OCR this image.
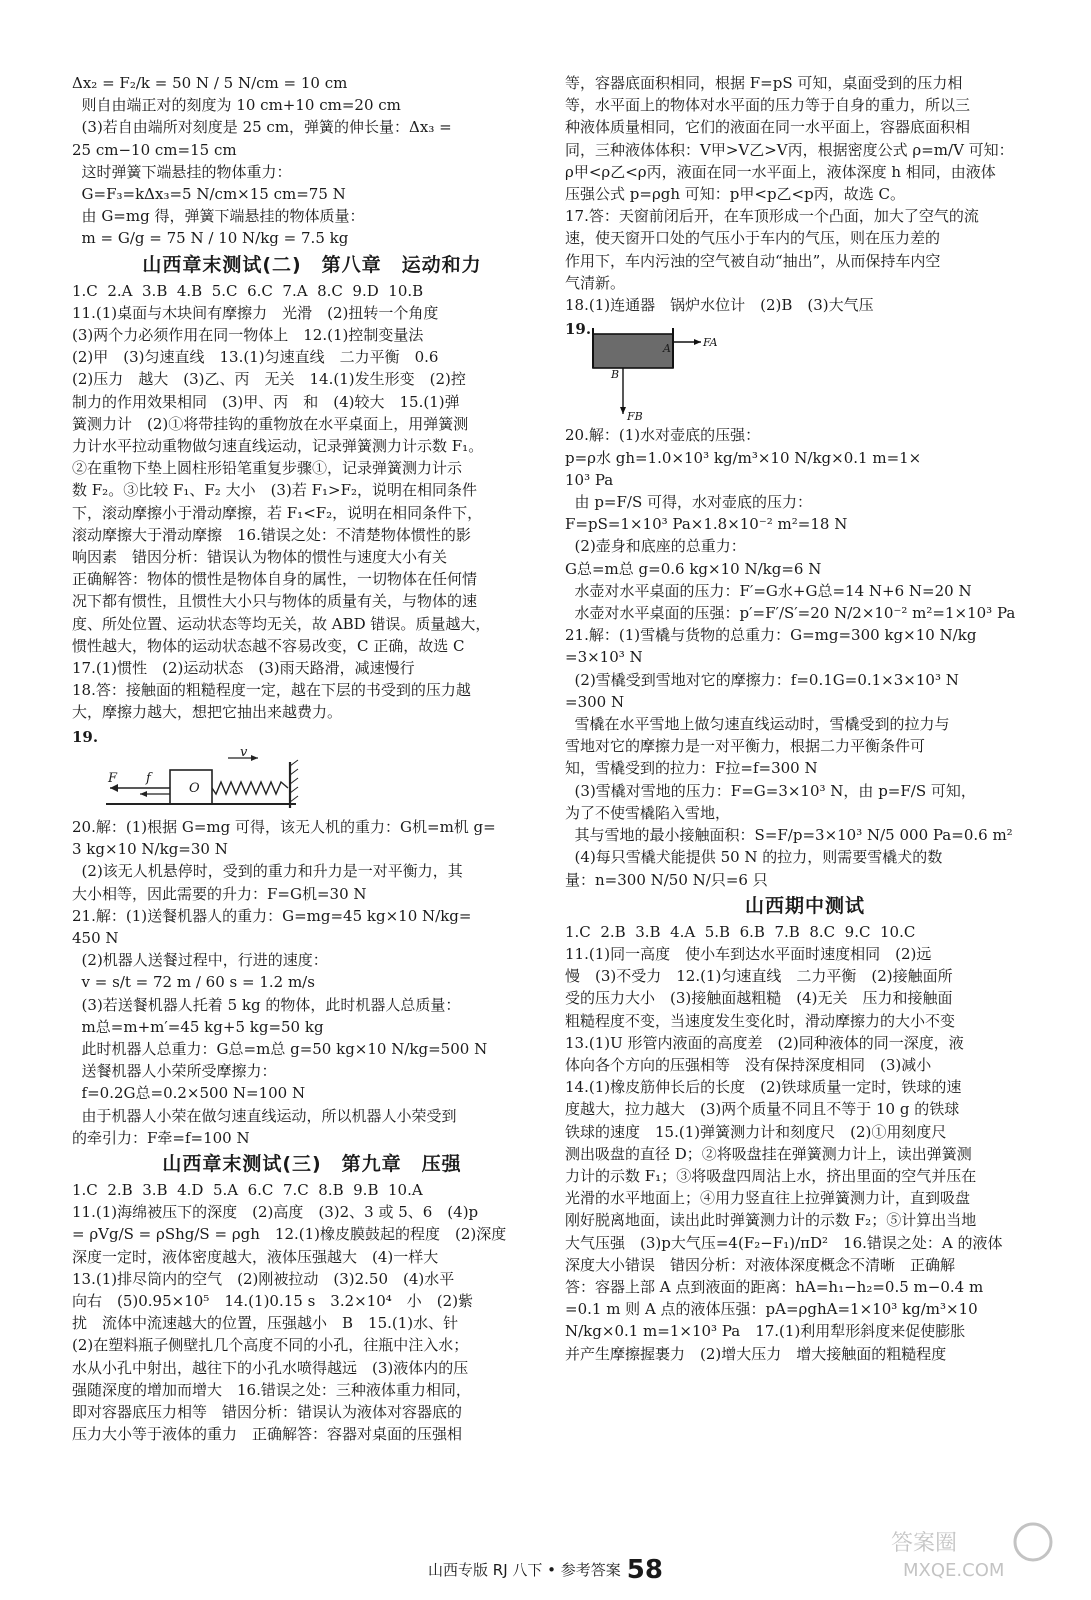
Δx₂ = F₂/k = 50 N / 5 N/cm = 10 cm
则自由端正对的刻度为 10 cm+10 cm=20 cm
(3)若自由端所对刻度是 25 cm，弹簧的伸长量：Δx₃ =
25 cm−10 cm=15 cm
这时弹簧下端悬挂的物体重力：
G=F₃=kΔx₃=5 N/cm×15 cm=75 N
由 G=mg 得，弹簧下端悬挂的物体质量：
m = G/g = 75 N / 10 N/kg = 7.5 kg
山西章末测试(二)　第八章　运动和力
1.C  2.A  3.B  4.B  5.C  6.C  7.A  8.C  9.D  10.B
11.(1)桌面与木块间有摩擦力　光滑　(2)扭转一个角度
(3)两个力必须作用在同一物体上　12.(1)控制变量法
(2)甲　(3)匀速直线　13.(1)匀速直线　二力平衡　0.6
(2)压力　越大　(3)乙、丙　无关　14.(1)发生形变　(2)控
制力的作用效果相同　(3)甲、丙　和　(4)较大　15.(1)弹
簧测力计　(2)①将带挂钩的重物放在水平桌面上，用弹簧测
力计水平拉动重物做匀速直线运动，记录弹簧测力计示数 F₁。
②在重物下垫上圆柱形铅笔重复步骤①，记录弹簧测力计示
数 F₂。③比较 F₁、F₂ 大小　(3)若 F₁>F₂，说明在相同条件
下，滚动摩擦小于滑动摩擦，若 F₁<F₂，说明在相同条件下，
滚动摩擦大于滑动摩擦　16.错误之处：不清楚物体惯性的影
响因素　错因分析：错误认为物体的惯性与速度大小有关
正确解答：物体的惯性是物体自身的属性，一切物体在任何情
况下都有惯性，且惯性大小只与物体的质量有关，与物体的速
度、所处位置、运动状态等均无关，故 ABD 错误。质量越大，
惯性越大，物体的运动状态越不容易改变，C 正确，故选 C
17.(1)惯性　(2)运动状态　(3)雨天路滑，减速慢行
18.答：接触面的粗糙程度一定，越在下层的书受到的压力越
大，摩擦力越大，想把它抽出来越费力。
19.
v
F f
O
20.解：(1)根据 G=mg 可得，该无人机的重力：G机=m机 g=
3 kg×10 N/kg=30 N
(2)该无人机悬停时，受到的重力和升力是一对平衡力，其
大小相等，因此需要的升力：F=G机=30 N
21.解：(1)送餐机器人的重力：G=mg=45 kg×10 N/kg=
450 N
(2)机器人送餐过程中，行进的速度：
v = s/t = 72 m / 60 s = 1.2 m/s
(3)若送餐机器人托着 5 kg 的物体，此时机器人总质量：
m总=m+m′=45 kg+5 kg=50 kg
此时机器人总重力：G总=m总 g=50 kg×10 N/kg=500 N
送餐机器人小荣所受摩擦力：
f=0.2G总=0.2×500 N=100 N
由于机器人小荣在做匀速直线运动，所以机器人小荣受到
的牵引力：F牵=f=100 N
山西章末测试(三)　第九章　压强
1.C  2.B  3.B  4.D  5.A  6.C  7.C  8.B  9.B  10.A
11.(1)海绵被压下的深度　(2)高度　(3)2、3 或 5、6　(4)p
= ρVg/S = ρShg/S = ρgh　12.(1)橡皮膜鼓起的程度　(2)深度
深度一定时，液体密度越大，液体压强越大　(4)一样大
13.(1)排尽筒内的空气　(2)刚被拉动　(3)2.50　(4)水平
向右　(5)0.95×10⁵　14.(1)0.15 s　3.2×10⁴　小　(2)紫
扰　流体中流速越大的位置，压强越小　B　15.(1)水、针
(2)在塑料瓶子侧壁扎几个高度不同的小孔，往瓶中注入水；
水从小孔中射出，越往下的小孔水喷得越远　(3)液体内的压
强随深度的增加而增大　16.错误之处：三种液体重力相同，
即对容器底压力相等　错因分析：错误认为液体对容器底的
压力大小等于液体的重力　正确解答：容器对桌面的压强相
等，容器底面积相同，根据 F=pS 可知，桌面受到的压力相
等，水平面上的物体对水平面的压力等于自身的重力，所以三
种液体质量相同，它们的液面在同一水平面上，容器底面积相
同，三种液体体积：V甲>V乙>V丙，根据密度公式 ρ=m/V 可知：
ρ甲<ρ乙<ρ丙，液面在同一水平面上，液体深度 h 相同，由液体
压强公式 p=ρgh 可知：p甲<p乙<p丙，故选 C。
17.答：天窗前闭后开，在车顶形成一个凸面，加大了空气的流
速，使天窗开口处的气压小于车内的气压，则在压力差的
作用下，车内污浊的空气被自动“抽出”，从而保持车内空
气清新。
18.(1)连通器　锅炉水位计　(2)B　(3)大气压
19.
FA
A
B
FB
20.解：(1)水对壶底的压强：
p=ρ水 gh=1.0×10³ kg/m³×10 N/kg×0.1 m=1×
10³ Pa
由 p=F/S 可得，水对壶底的压力：
F=pS=1×10³ Pa×1.8×10⁻² m²=18 N
(2)壶身和底座的总重力：
G总=m总 g=0.6 kg×10 N/kg=6 N
水壶对水平桌面的压力：F′=G水+G总=14 N+6 N=20 N
水壶对水平桌面的压强：p′=F′/S′=20 N/2×10⁻² m²=1×10³ Pa
21.解：(1)雪橇与货物的总重力：G=mg=300 kg×10 N/kg
=3×10³ N
(2)雪橇受到雪地对它的摩擦力：f=0.1G=0.1×3×10³ N
=300 N
雪橇在水平雪地上做匀速直线运动时，雪橇受到的拉力与
雪地对它的摩擦力是一对平衡力，根据二力平衡条件可
知，雪橇受到的拉力：F拉=f=300 N
(3)雪橇对雪地的压力：F=G=3×10³ N，由 p=F/S 可知，
为了不使雪橇陷入雪地，
其与雪地的最小接触面积：S=F/p=3×10³ N/5 000 Pa=0.6 m²
(4)每只雪橇犬能提供 50 N 的拉力，则需要雪橇犬的数
量：n=300 N/50 N/只=6 只
山西期中测试
1.C  2.B  3.B  4.A  5.B  6.B  7.B  8.C  9.C  10.C
11.(1)同一高度　使小车到达水平面时速度相同　(2)远
慢　(3)不受力　12.(1)匀速直线　二力平衡　(2)接触面所
受的压力大小　(3)接触面越粗糙　(4)无关　压力和接触面
粗糙程度不变，当速度发生变化时，滑动摩擦力的大小不变
13.(1)U 形管内液面的高度差　(2)同种液体的同一深度，液
体向各个方向的压强相等　没有保持深度相同　(3)减小
14.(1)橡皮筋伸长后的长度　(2)铁球质量一定时，铁球的速
度越大，拉力越大　(3)两个质量不同且不等于 10 g 的铁球
铁球的速度　15.(1)弹簧测力计和刻度尺　(2)①用刻度尺
测出吸盘的直径 D；②将吸盘挂在弹簧测力计上，读出弹簧测
力计的示数 F₁；③将吸盘四周沾上水，挤出里面的空气并压在
光滑的水平地面上；④用力竖直往上拉弹簧测力计，直到吸盘
刚好脱离地面，读出此时弹簧测力计的示数 F₂；⑤计算出当地
大气压强　(3)p大气压=4(F₂−F₁)/πD²　16.错误之处：A 的液体
深度大小错误　错因分析：对液体深度概念不清晰　正确解
答：容器上部 A 点到液面的距离：hA=h₁−h₂=0.5 m−0.4 m
=0.1 m 则 A 点的液体压强：pA=ρghA=1×10³ kg/m³×10
N/kg×0.1 m=1×10³ Pa　17.(1)利用犁形斜度来促使膨胀
并产生摩擦握裹力　(2)增大压力　增大接触面的粗糙程度
山西专版 RJ 八下 • 参考答案 58
答案圈
MXQE.COM
